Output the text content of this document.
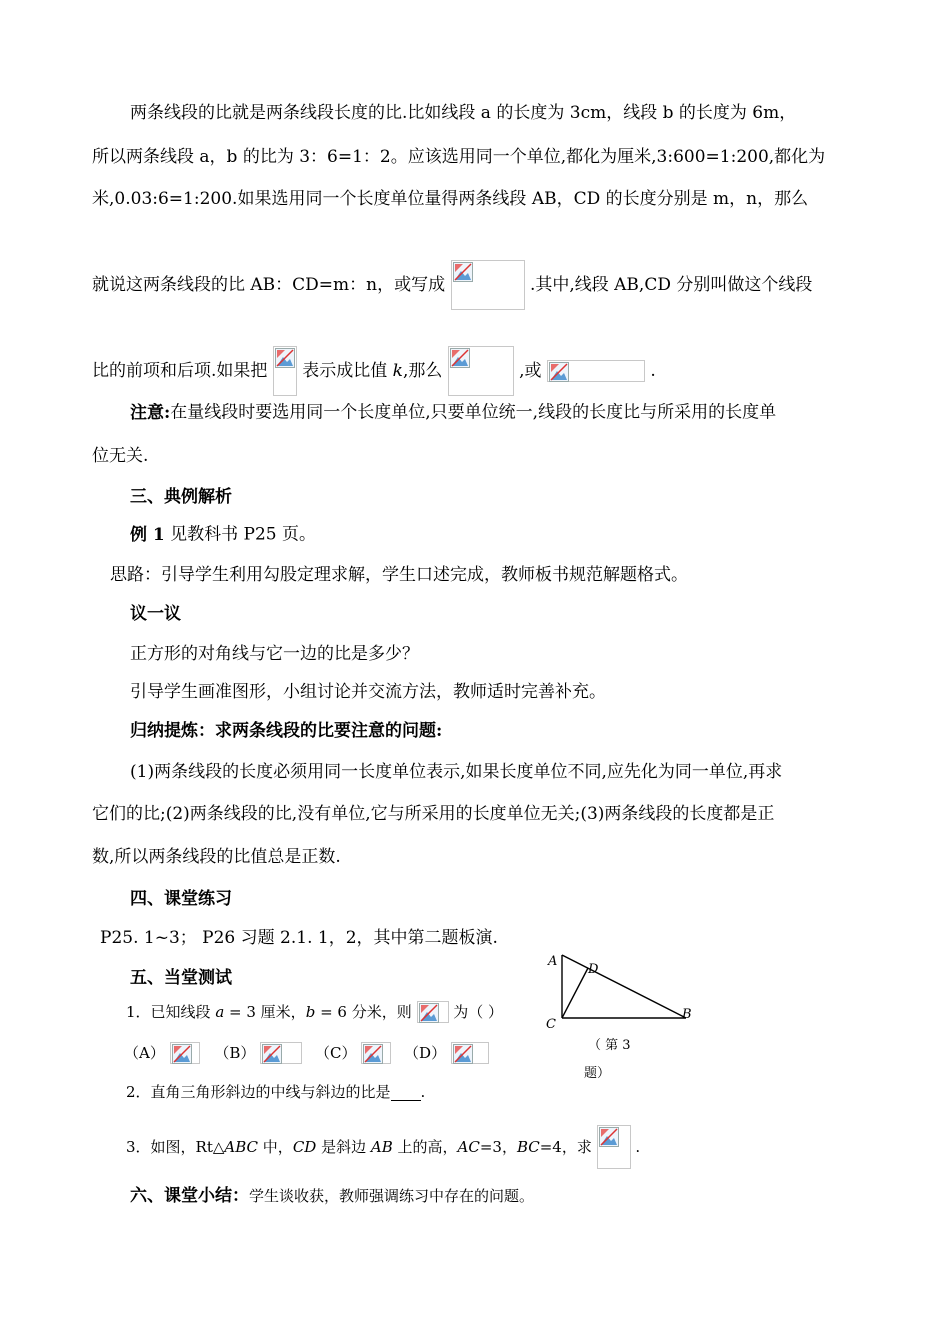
两条线段的比就是两条线段长度的比.比如线段 a 的长度为 3cm，线段 b 的长度为 6m，
所以两条线段 a，b 的比为 3：6=1：2。应该选用同一个单位,都化为厘米,3:600=1:200,都化为
米,0.03:6=1:200.如果选用同一个长度单位量得两条线段 AB，CD 的长度分别是 m，n，那么
就说这两条线段的比 AB：CD=m：n，或写成	.其中,线段 AB,CD 分别叫做这个线段
比的前项和后项.如果把 表示成比值 k,那么	,或	.
注意:在量线段时要选用同一个长度单位,只要单位统一,线段的长度比与所采用的长度单
位无关.
三、典例解析
例 1 见教科书 P25 页。
思路：引导学生利用勾股定理求解，学生口述完成，教师板书规范解题格式。
议一议
正方形的对角线与它一边的比是多少？
引导学生画准图形，小组讨论并交流方法，教师适时完善补充。
归纳提炼：求两条线段的比要注意的问题:
(1)两条线段的长度必须用同一长度单位表示,如果长度单位不同,应先化为同一单位,再求
它们的比;(2)两条线段的比,没有单位,它与所采用的长度单位无关;(3)两条线段的长度都是正
数,所以两条线段的比值总是正数.
四、课堂练习
P25. 1~3； P26 习题 2.1. 1，2，其中第二题板演.
五、当堂测试
1．已知线段 a = 3 厘米，b = 6 分米，则	为（ ）
（A）	（B）	（C）	（D）
2．直角三角形斜边的中线与斜边的比是 .
3．如图，Rt△ABC 中，CD 是斜边 AB 上的高，AC=3，BC=4，求	.
A
D
C
B
（ 第 3
题）
六、课堂小结：学生谈收获，教师强调练习中存在的问题。
